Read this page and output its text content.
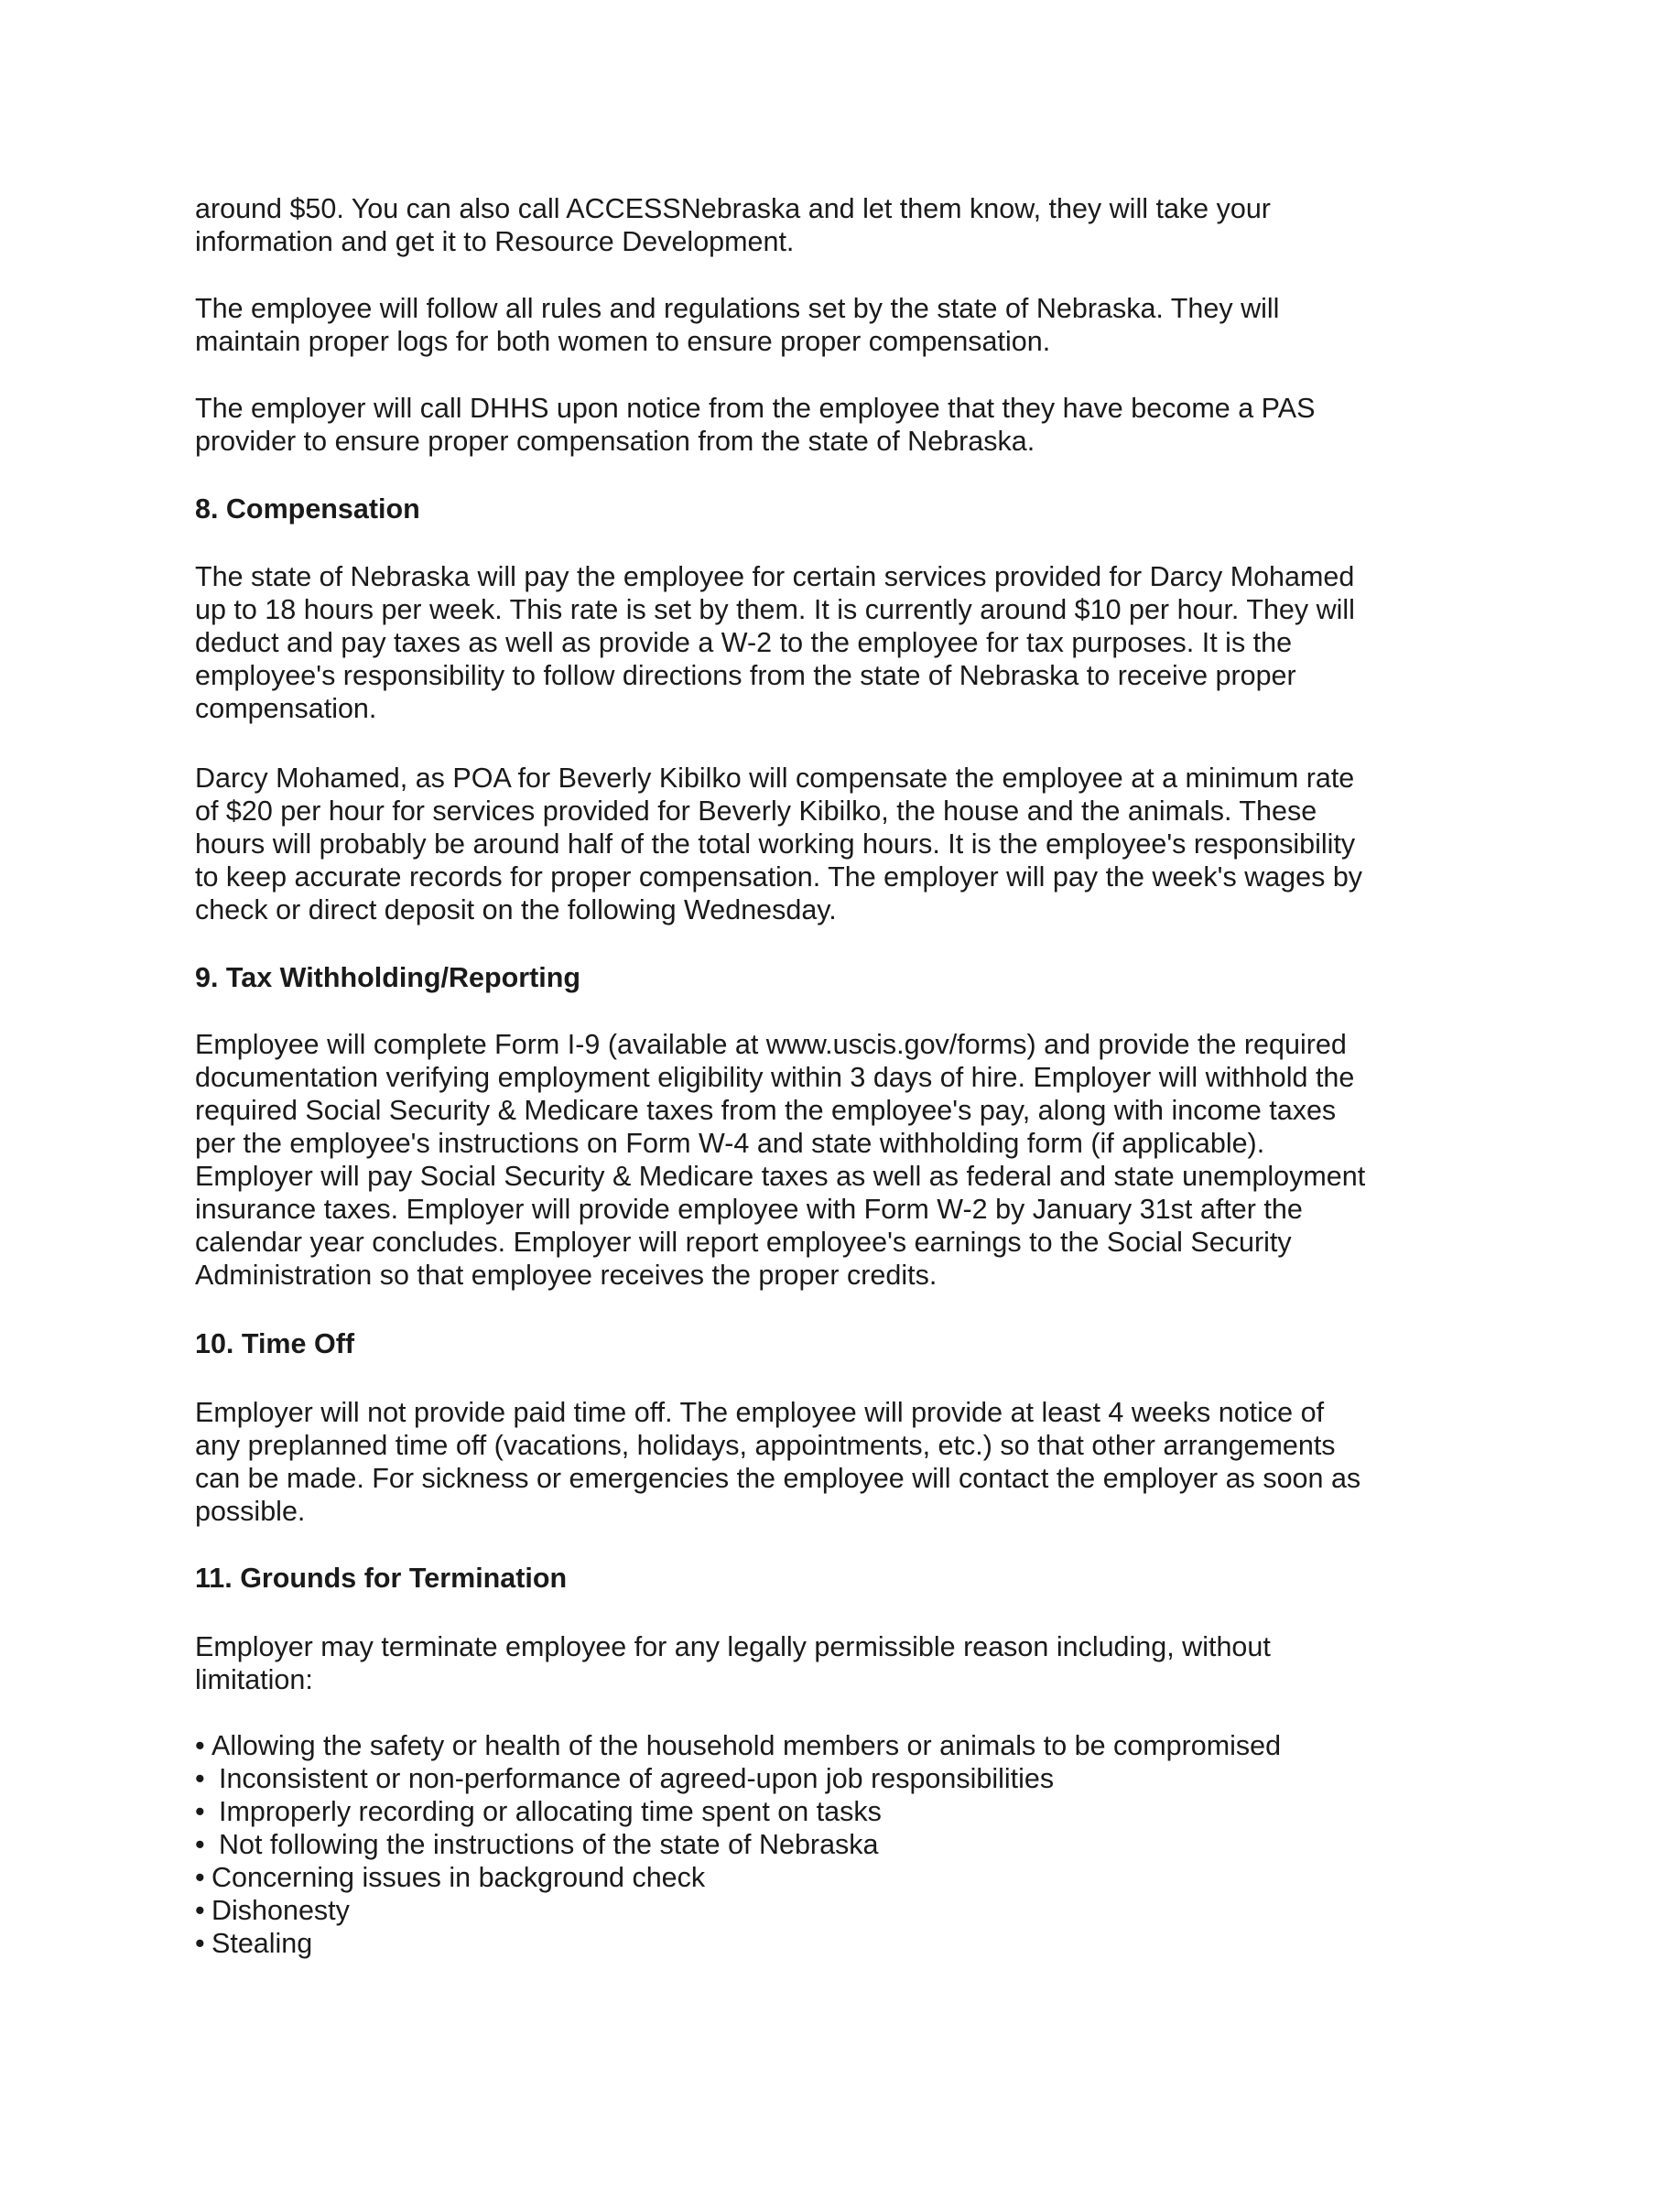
around $50. You can also call ACCESSNebraska and let them know, they will take your
information and get it to Resource Development.
The employee will follow all rules and regulations set by the state of Nebraska. They will
maintain proper logs for both women to ensure proper compensation.
The employer will call DHHS upon notice from the employee that they have become a PAS
provider to ensure proper compensation from the state of Nebraska.
8. Compensation
The state of Nebraska will pay the employee for certain services provided for Darcy Mohamed
up to 18 hours per week. This rate is set by them. It is currently around $10 per hour. They will
deduct and pay taxes as well as provide a W-2 to the employee for tax purposes. It is the
employee's responsibility to follow directions from the state of Nebraska to receive proper
compensation.
Darcy Mohamed, as POA for Beverly Kibilko will compensate the employee at a minimum rate
of $20 per hour for services provided for Beverly Kibilko, the house and the animals. These
hours will probably be around half of the total working hours. It is the employee's responsibility
to keep accurate records for proper compensation. The employer will pay the week's wages by
check or direct deposit on the following Wednesday.
9. Tax Withholding/Reporting
Employee will complete Form I-9 (available at www.uscis.gov/forms) and provide the required
documentation verifying employment eligibility within 3 days of hire. Employer will withhold the
required Social Security & Medicare taxes from the employee's pay, along with income taxes
per the employee's instructions on Form W-4 and state withholding form (if applicable).
Employer will pay Social Security & Medicare taxes as well as federal and state unemployment
insurance taxes. Employer will provide employee with Form W-2 by January 31st after the
calendar year concludes. Employer will report employee's earnings to the Social Security
Administration so that employee receives the proper credits.
10. Time Off
Employer will not provide paid time off. The employee will provide at least 4 weeks notice of
any preplanned time off (vacations, holidays, appointments, etc.) so that other arrangements
can be made. For sickness or emergencies the employee will contact the employer as soon as
possible.
11. Grounds for Termination
Employer may terminate employee for any legally permissible reason including, without
limitation:
• Allowing the safety or health of the household members or animals to be compromised
• Inconsistent or non-performance of agreed-upon job responsibilities
• Improperly recording or allocating time spent on tasks
• Not following the instructions of the state of Nebraska
• Concerning issues in background check
• Dishonesty
• Stealing
